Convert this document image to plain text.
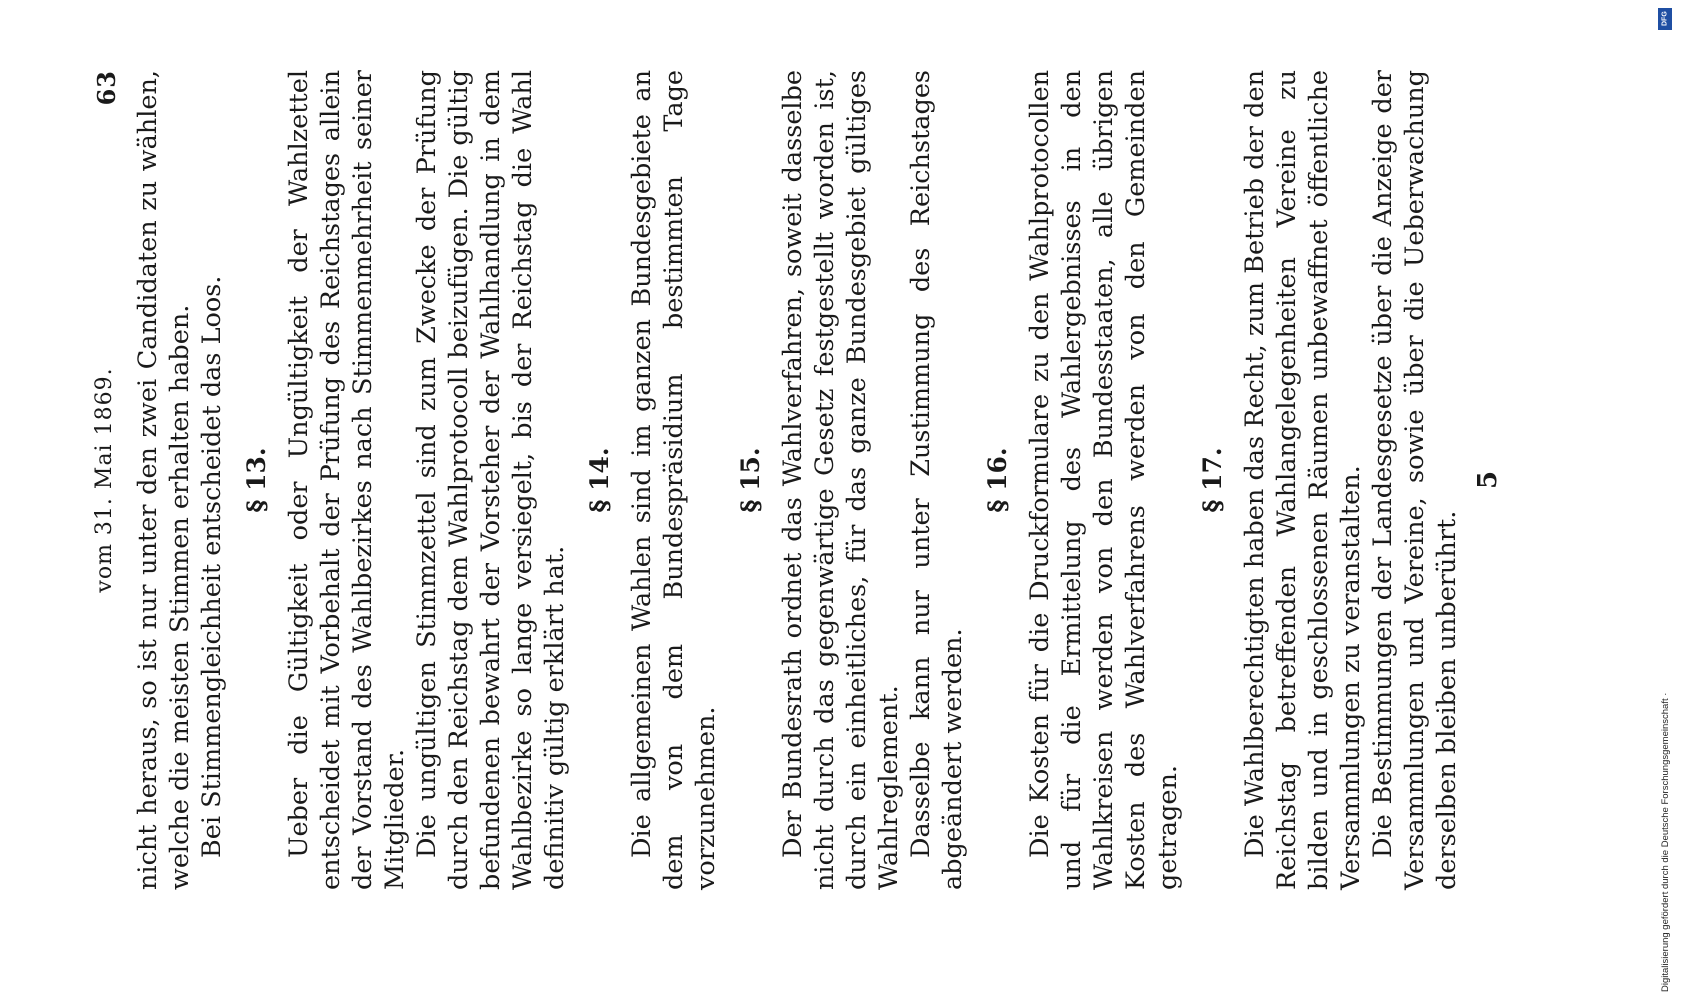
vom 31. Mai 1869.
63 nicht heraus, so ist nur unter den zwei Candidaten zu wählen, welche die meisten Stimmen erhalten haben. Bei Stimmengleichheit entscheidet das Loos. § 13. Ueber die Gültigkeit oder Ungültigkeit der Wahlzettel entscheidet mit Vorbehalt der Prüfung des Reichstages allein der Vorstand des Wahlbezirkes nach Stimmenmehrheit seiner Mitglieder. Die ungültigen Stimmzettel sind zum Zwecke der Prüfung durch den Reichstag dem Wahlprotocoll beizufügen. Die gültig befundenen bewahrt der Vorsteher der Wahlhandlung in dem Wahlbezirke so lange versiegelt, bis der Reichstag die Wahl definitiv gültig erklärt hat.

§ 14. Die allgemeinen Wahlen sind im ganzen Bundesgebiete an dem von dem Bundespräsidium bestimmten Tage vorzunehmen.

§ 15. Der Bundesrath ordnet das Wahlverfahren, soweit dasselbe nicht durch das gegenwärtige Gesetz festgestellt worden ist, durch ein einheitliches, für das ganze Bundesgebiet gültiges Wahlreglement. Dasselbe kann nur unter Zustimmung des Reichstages abgeändert werden.

§ 16. Die Kosten für die Druckformulare zu den Wahlprotocollen und für die Ermittelung des Wahlergebnisses in den Wahlkreisen werden von den Bundesstaaten, alle übrigen Kosten des Wahlverfahrens werden von den Gemeinden getragen.

§ 17. Die Wahlberechtigten haben das Recht, zum Betrieb der den Reichstag betreffenden Wahlangelegenheiten Vereine zu bilden und in geschlossenen Räumen unbewaffnet öffentliche Versammlungen zu veranstalten. Die Bestimmungen der Landesgesetze über die Anzeige der Versammlungen und Vereine, sowie über die Ueberwachung derselben bleiben unberührt.

5
DFG
Digitalisierung gefördert durch die Deutsche Forschungsgemeinschaft ·
